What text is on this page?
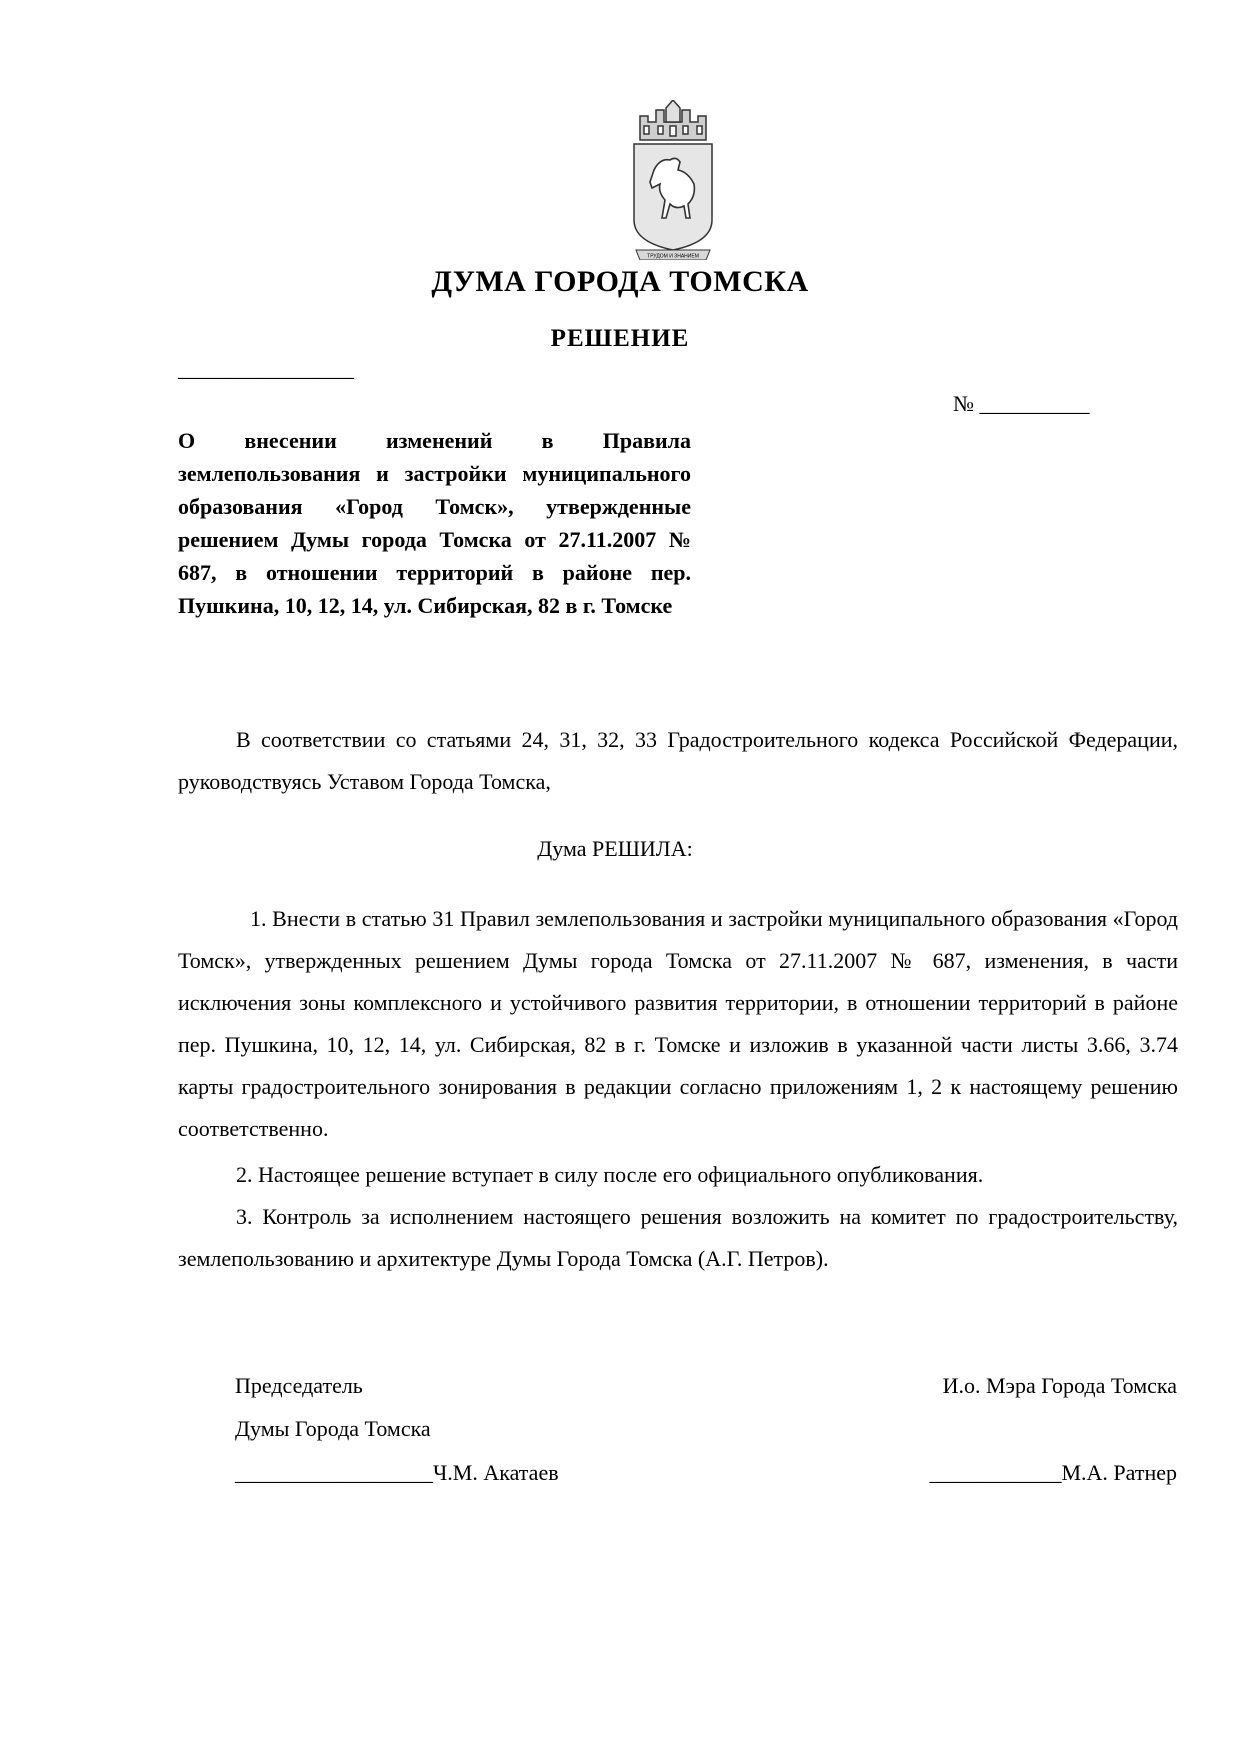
ТРУДОМ И ЗНАНИЕМ
ДУМА ГОРОДА ТОМСКА
РЕШЕНИЕ
________________
№ __________
О внесении изменений в Правила землепользования и застройки муниципального образования «Город Томск», утвержденные решением Думы города Томска от 27.11.2007 № 687, в отношении территорий в районе пер. Пушкина, 10, 12, 14, ул. Сибирская, 82 в г. Томске
В соответствии со статьями 24, 31, 32, 33 Градостроительного кодекса Российской Федерации, руководствуясь Уставом Города Томска,
Дума РЕШИЛА:
1. Внести в статью 31 Правил землепользования и застройки муниципального образования «Город Томск», утвержденных решением Думы города Томска от 27.11.2007 № 687, изменения, в части исключения зоны комплексного и устойчивого развития территории, в отношении территорий в районе пер. Пушкина, 10, 12, 14, ул. Сибирская, 82 в г. Томске и изложив в указанной части листы 3.66, 3.74 карты градостроительного зонирования в редакции согласно приложениям 1, 2 к настоящему решению соответственно.
2. Настоящее решение вступает в силу после его официального опубликования.
3. Контроль за исполнением настоящего решения возложить на комитет по градостроительству, землепользованию и архитектуре Думы Города Томска (А.Г. Петров).
Председатель
Думы Города Томска
__________________Ч.М. Акатаев
И.о. Мэра Города Томска
____________М.А. Ратнер
